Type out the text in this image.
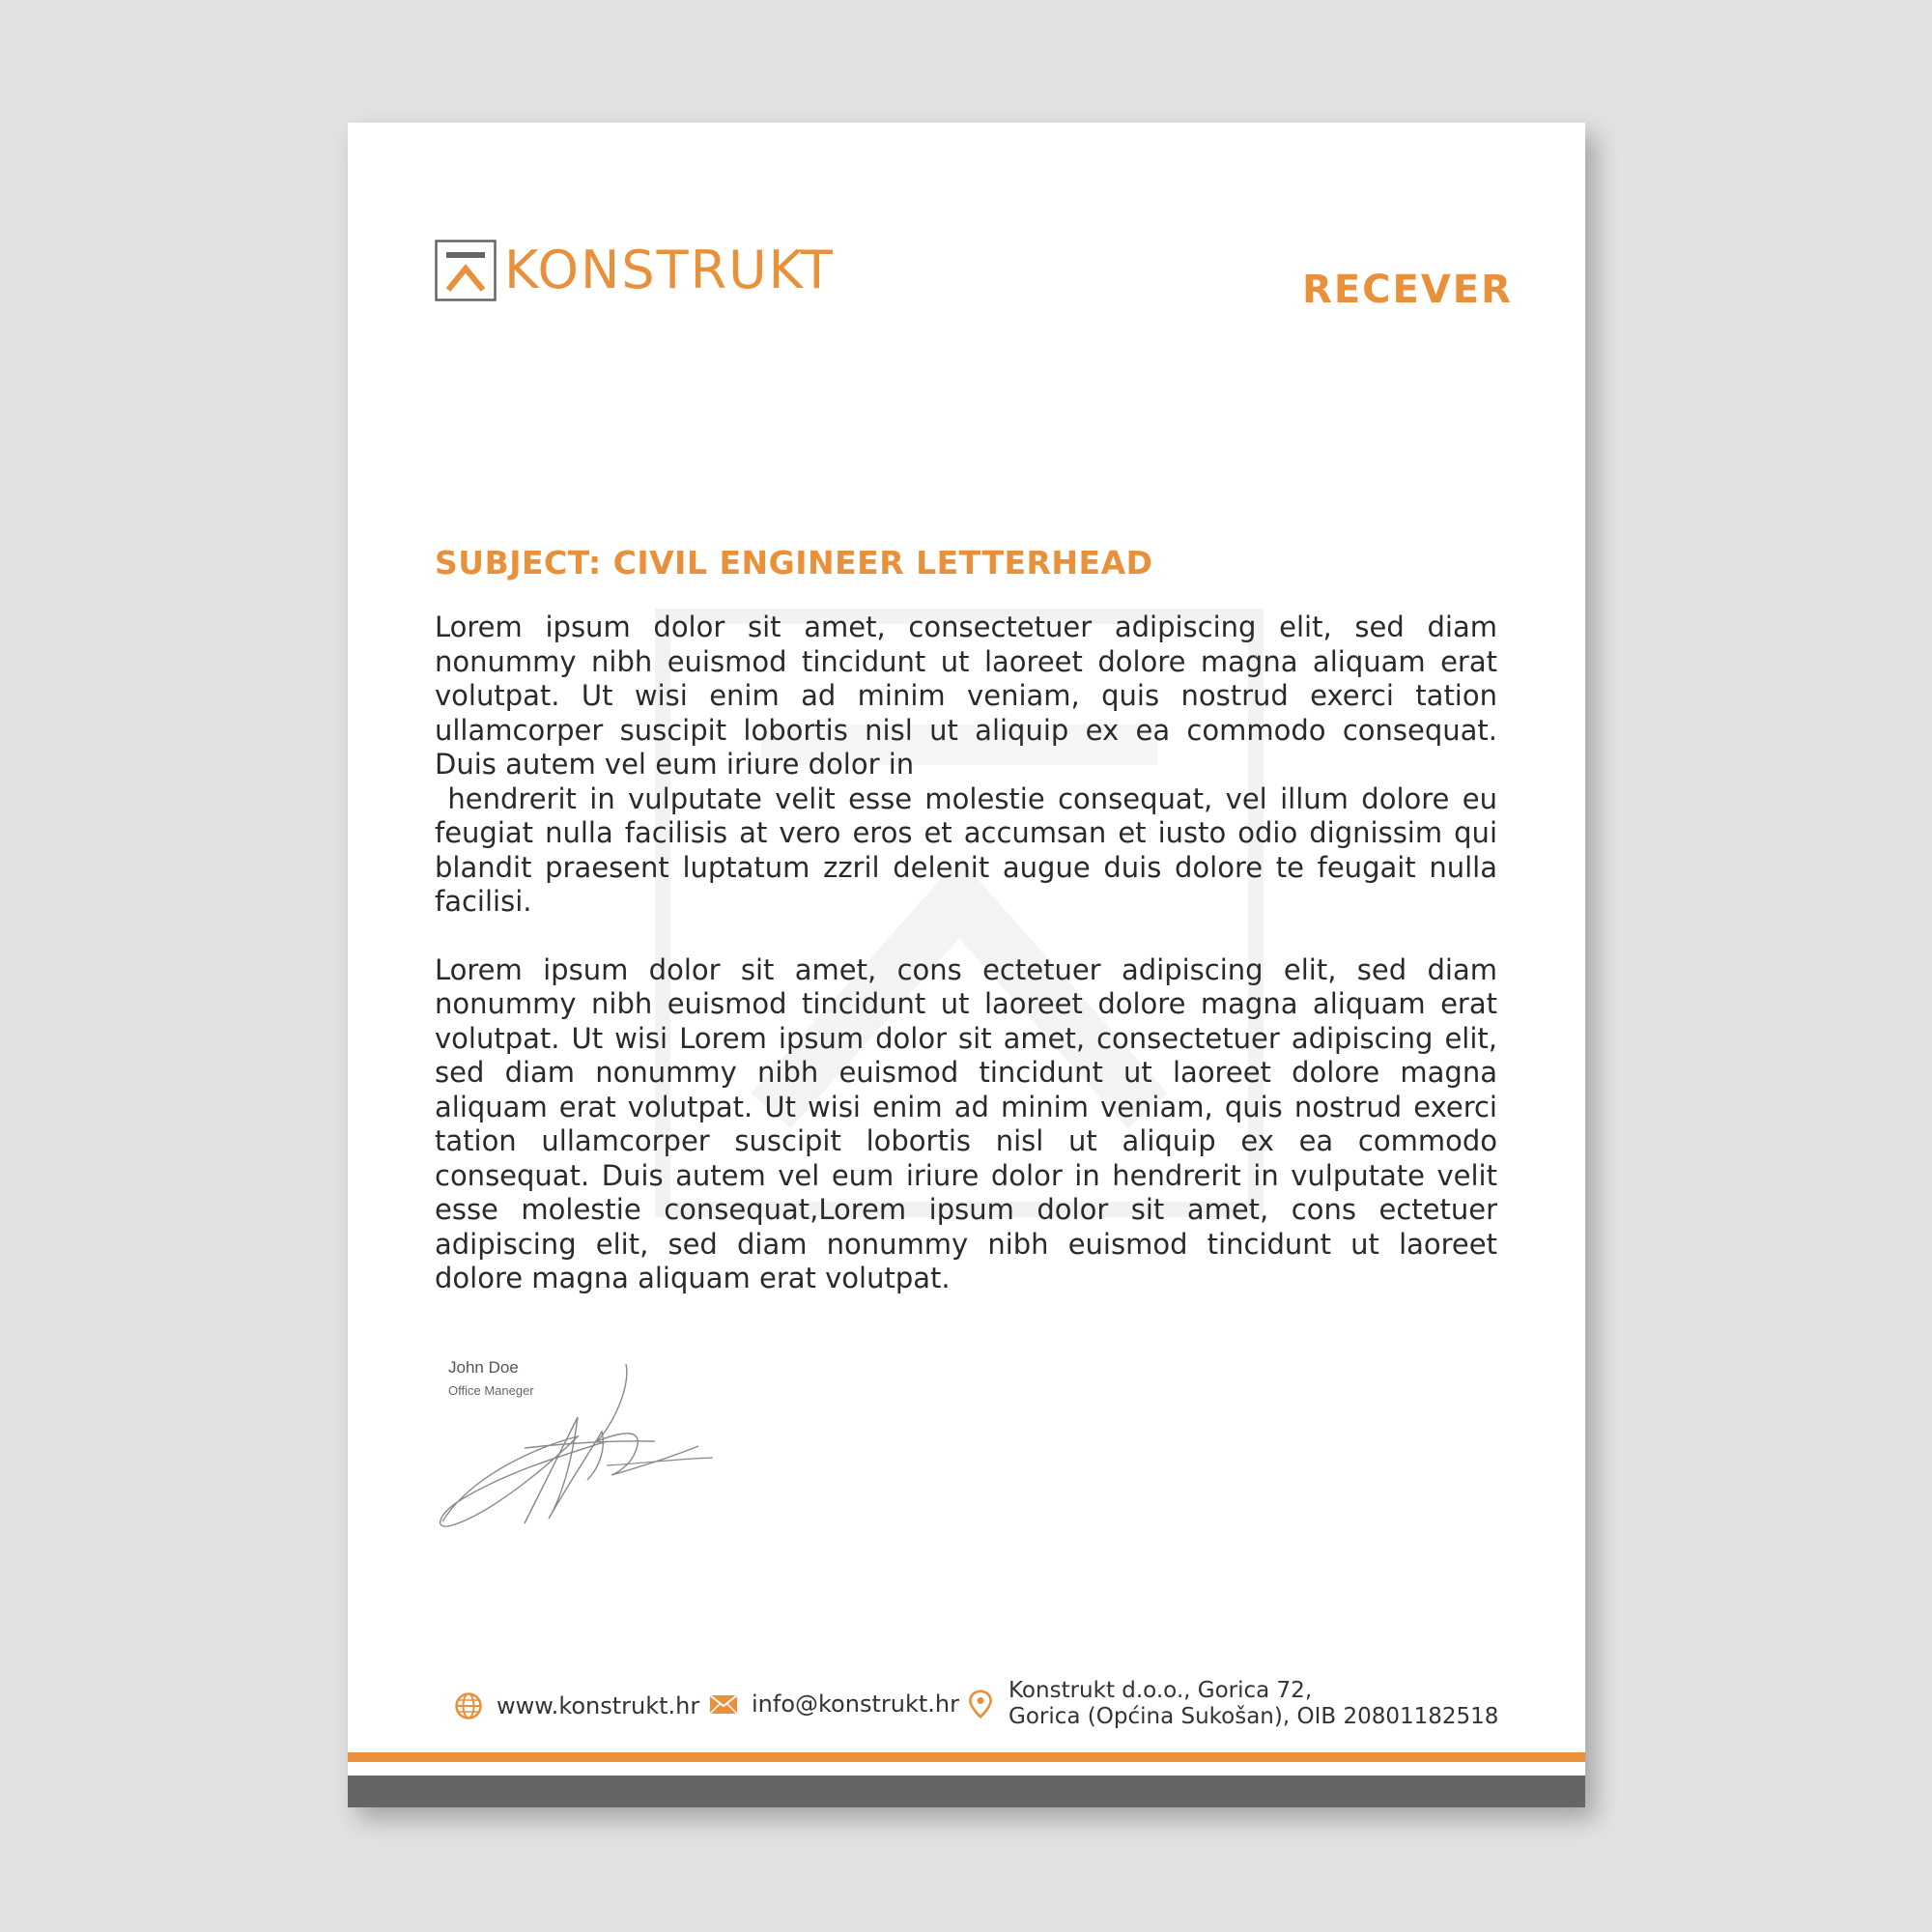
KONSTRUKT	RECEVER
SUBJECT: CIVIL ENGINEER LETTERHEAD

Lorem ipsum dolor sit amet, consectetuer adipiscing elit, sed diam nonummy nibh euismod tincidunt ut laoreet dolore magna aliquam erat volutpat. Ut wisi enim ad minim veniam, quis nostrud exerci tation ullamcorper suscipit lobortis nisl ut aliquip ex ea commodo consequat. Duis autem vel eum iriure dolor in
hendrerit in vulputate velit esse molestie consequat, vel illum dolore eu feugiat nulla facilisis at vero eros et accumsan et iusto odio dignissim qui blandit praesent luptatum zzril delenit augue duis dolore te feugait nulla facilisi.

Lorem ipsum dolor sit amet, cons ectetuer adipiscing elit, sed diam nonummy nibh euismod tincidunt ut laoreet dolore magna aliquam erat volutpat. Ut wisi Lorem ipsum dolor sit amet, consectetuer adipiscing elit, sed diam nonummy nibh euismod tincidunt ut laoreet dolore magna aliquam erat volutpat. Ut wisi enim ad minim veniam, quis nostrud exerci tation ullamcorper suscipit lobortis nisl ut aliquip ex ea commodo consequat. Duis autem vel eum iriure dolor in hendrerit in vulputate velit esse molestie consequat,Lorem ipsum dolor sit amet, cons ectetuer adipiscing elit, sed diam nonummy nibh euismod tincidunt ut laoreet dolore magna aliquam erat volutpat.

John Doe
Office Maneger
www.konstrukt.hr info@konstrukt.hr Konstrukt d.o.o., Gorica 72,
Gorica (Općina Sukošan), OIB 20801182518
